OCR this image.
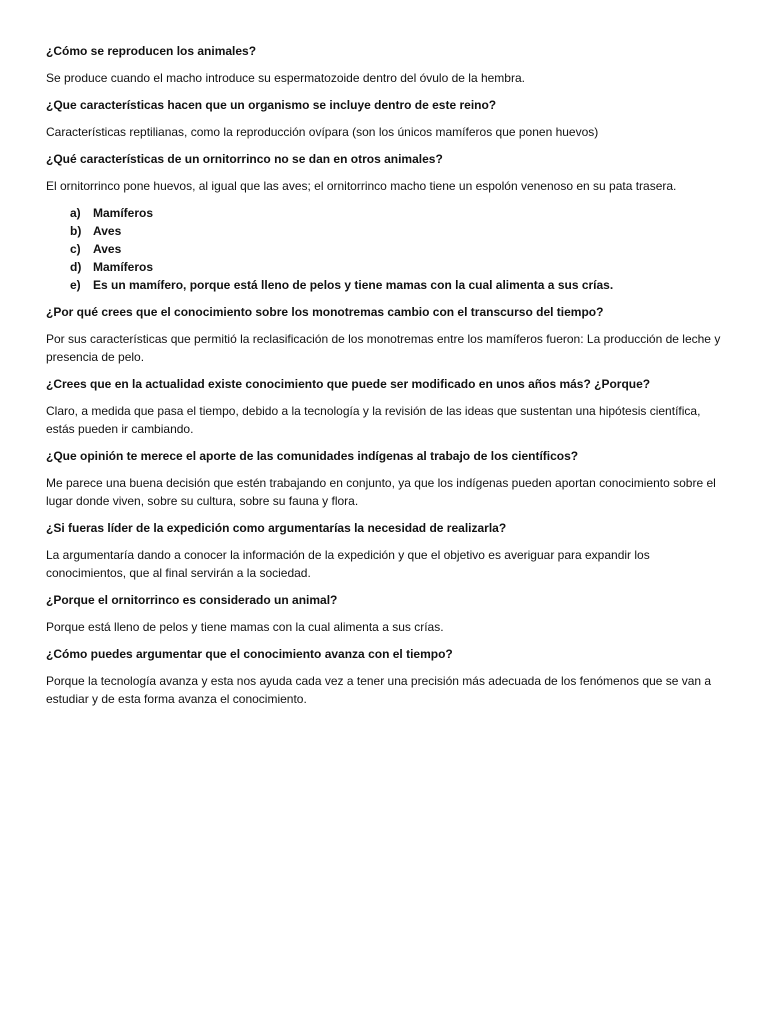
¿Cómo se reproducen los animales?
Se produce cuando el macho introduce su espermatozoide dentro del óvulo de la hembra.
¿Que características hacen que un organismo se incluye dentro de este reino?
Características reptilianas, como la reproducción ovípara (son los únicos mamíferos que ponen huevos)
¿Qué características de un ornitorrinco no se dan en otros animales?
El ornitorrinco pone huevos, al igual que las aves; el ornitorrinco macho tiene un espolón venenoso en su pata trasera.
a)	Mamíferos
b) Aves
c)	Aves
d) Mamíferos
e)	Es un mamífero, porque está lleno de pelos y tiene mamas con la cual alimenta a sus crías.
¿Por qué crees que el conocimiento sobre los monotremas cambio con el transcurso del tiempo?
Por sus características que permitió la reclasificación de los monotremas entre los mamíferos fueron: La producción de leche y presencia de pelo.
¿Crees que en la actualidad existe conocimiento que puede ser modificado en unos años más? ¿Porque?
Claro, a medida que pasa el tiempo, debido a la tecnología y la revisión de las ideas que sustentan una hipótesis científica, estás pueden ir cambiando.
¿Que opinión te merece el aporte de las comunidades indígenas al trabajo de los científicos?
Me parece una buena decisión que estén trabajando en conjunto, ya que los indígenas pueden aportan conocimiento sobre el lugar donde viven, sobre su cultura, sobre su fauna y flora.
¿Si fueras líder de la expedición como argumentarías la necesidad de realizarla?
La argumentaría dando a conocer la información de la expedición y que el objetivo es averiguar para expandir los conocimientos, que al final servirán a la sociedad.
¿Porque el ornitorrinco es considerado un animal?
Porque está lleno de pelos y tiene mamas con la cual alimenta a sus crías.
¿Cómo puedes argumentar que el conocimiento avanza con el tiempo?
Porque la tecnología avanza y esta nos ayuda cada vez a tener una precisión más adecuada de los fenómenos que se van a estudiar y de esta forma avanza el conocimiento.
